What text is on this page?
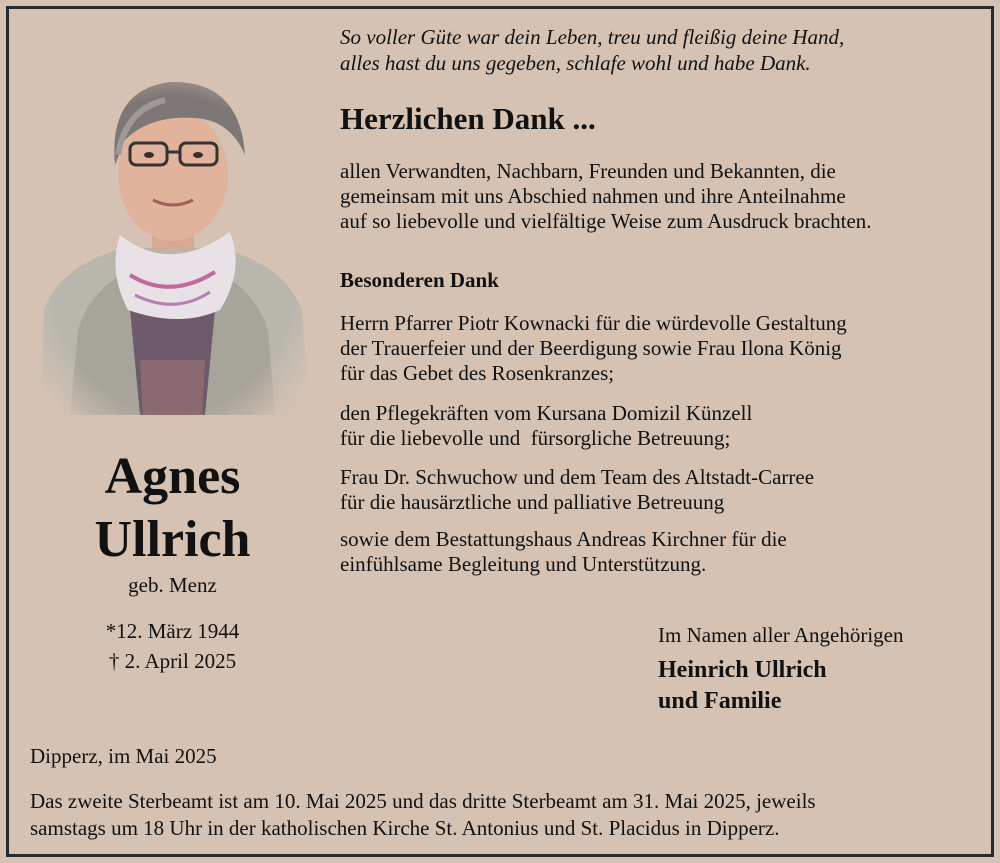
So voller Güte war dein Leben, treu und fleißig deine Hand,
alles hast du uns gegeben, schlafe wohl und habe Dank.

Herzlichen Dank ...
allen Verwandten, Nachbarn, Freunden und Bekannten, die
gemeinsam mit uns Abschied nahmen und ihre Anteilnahme
auf so liebevolle und vielfältige Weise zum Ausdruck brachten.
Besonderen Dank
Herrn Pfarrer Piotr Kownacki für die würdevolle Gestaltung
der Trauerfeier und der Beerdigung sowie Frau Ilona König
für das Gebet des Rosenkranzes;
den Pflegekräften vom Kursana Domizil Künzell
für die liebevolle und  fürsorgliche Betreuung;
Frau Dr. Schwuchow und dem Team des Altstadt-Carree
für die hausärztliche und palliative Betreuung
sowie dem Bestattungshaus Andreas Kirchner für die
einfühlsame Begleitung und Unterstützung.
Agnes
Ullrich
geb. Menz
*12. März 1944
† 2. April 2025
Im Namen aller Angehörigen
Heinrich Ullrich
und Familie
Dipperz, im Mai 2025
Das zweite Sterbeamt ist am 10. Mai 2025 und das dritte Sterbeamt am 31. Mai 2025, jeweils
samstags um 18 Uhr in der katholischen Kirche St. Antonius und St. Placidus in Dipperz.
